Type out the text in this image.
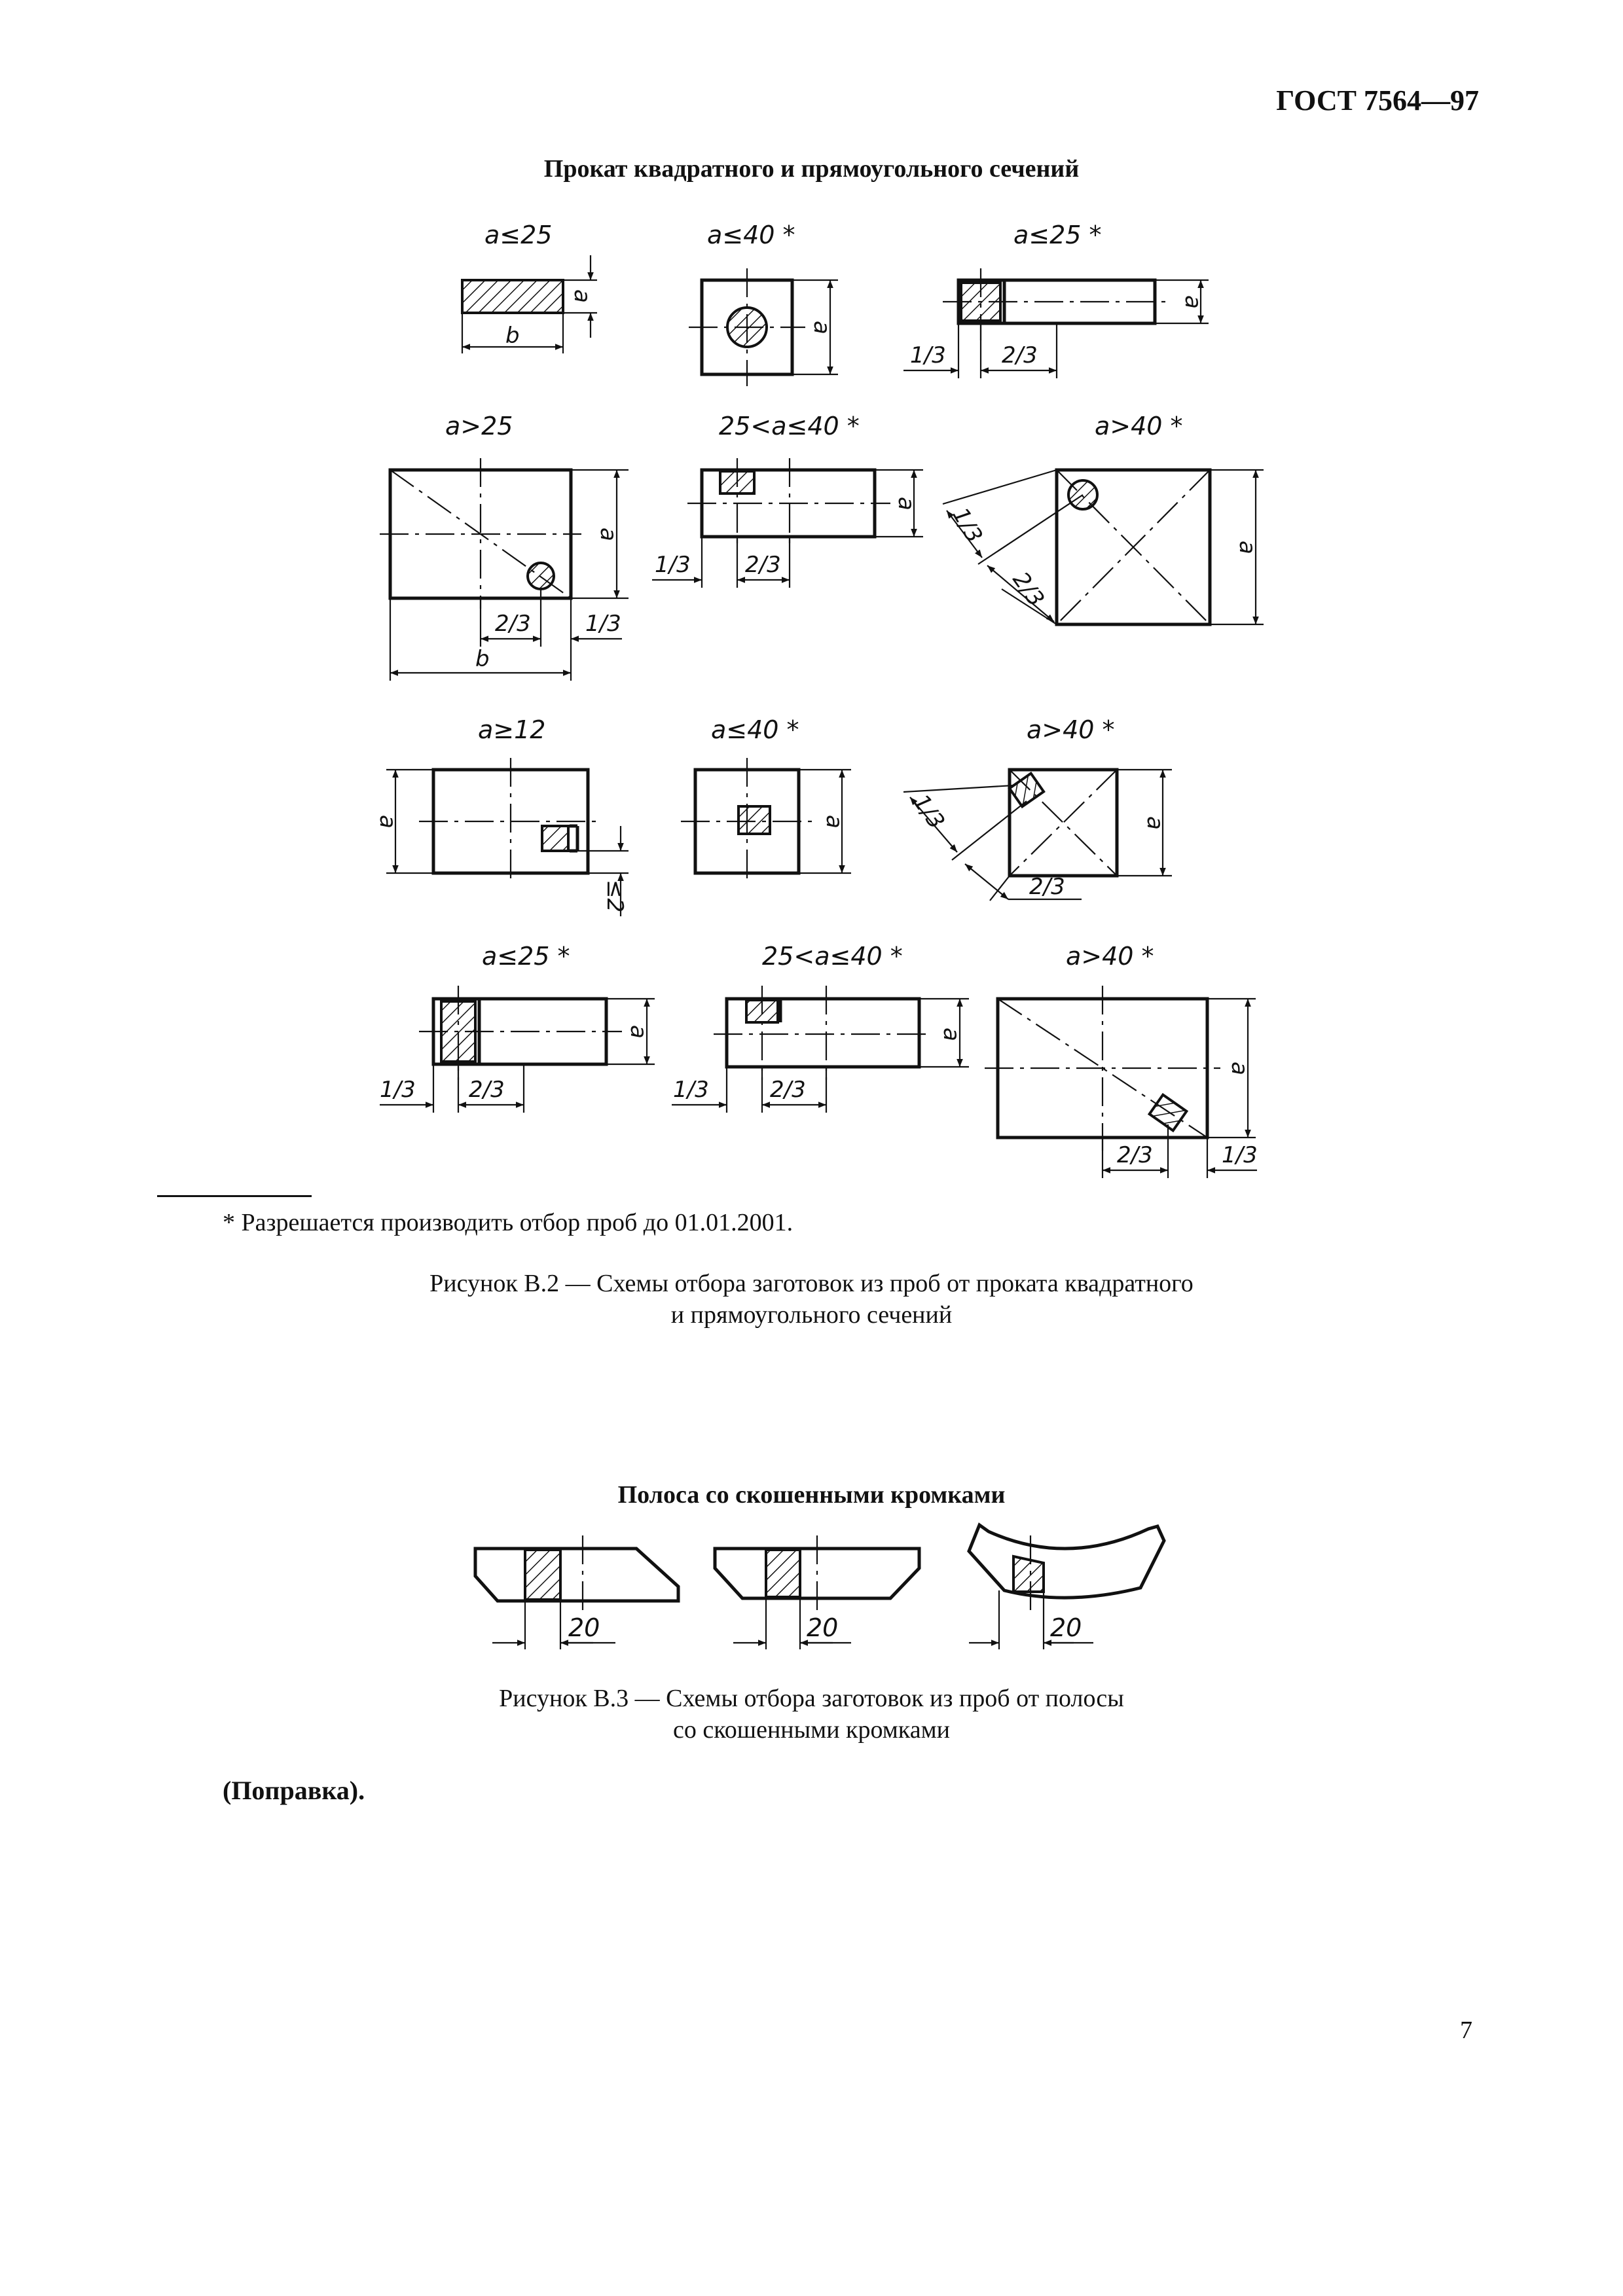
ГОСТ 7564—97
Прокат квадратного и прямоугольного сечений
a≤25
a
b
a≤40 *
a
a≤25 *
a
1/3	2/3
a>25
a
2/3 1/3
b
25<a≤40 *
a
1/3 2/3
a>40 *
a
1/3
2/3
a≥12
a
≤2
a≤40 *
a
a>40 *
a
1/3
2/3
a≤25 *
a
1/3 2/3
25<a≤40 *
a
1/3	2/3
a>40 *
a
2/3	1/3
20	20	20
* Разрешается производить отбор проб до 01.01.2001.
Рисунок В.2 — Схемы отбора заготовок из проб от проката квадратного
и прямоугольного сечений
Полоса со скошенными кромками
Рисунок В.3 — Схемы отбора заготовок из проб от полосы
со скошенными кромками
(Поправка).
7
